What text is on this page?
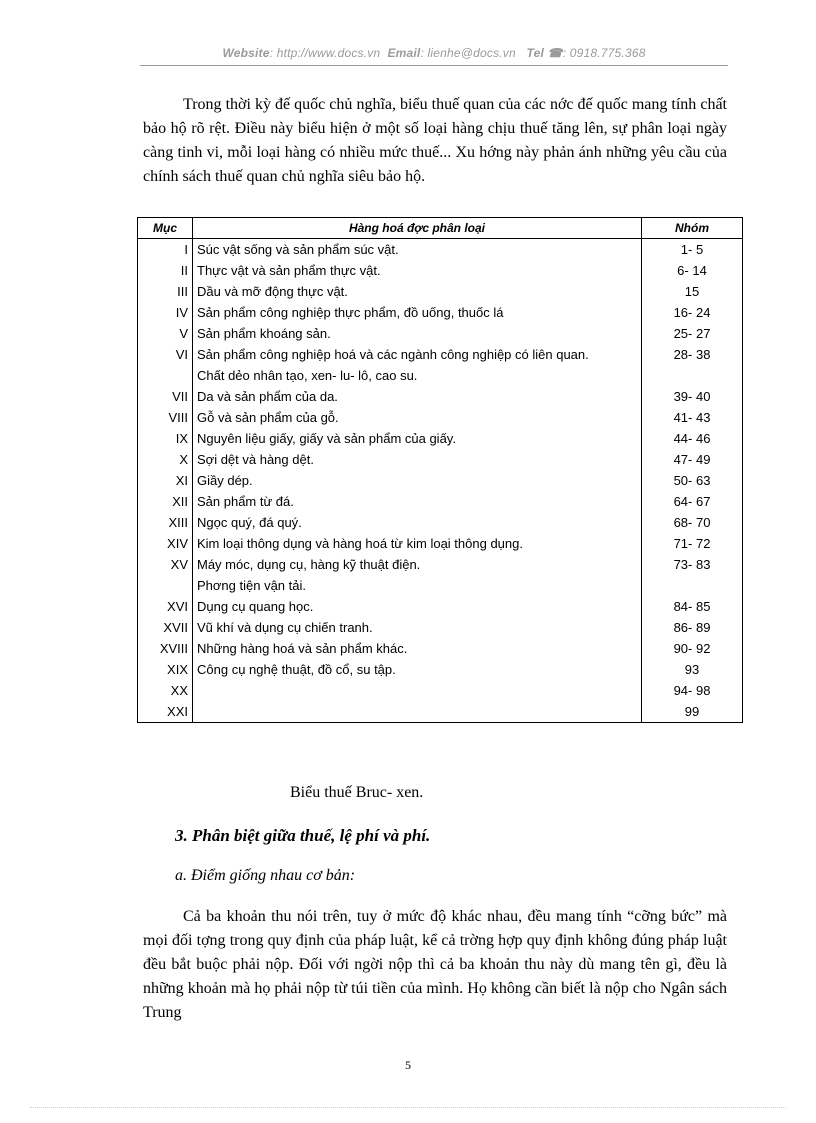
Website: http://www.docs.vn Email: lienhe@docs.vn Tel ☎: 0918.775.368
Trong thời kỳ đế quốc chủ nghĩa, biểu thuế quan của các nớc đế quốc mang tính chất bảo hộ rõ rệt. Điều này biểu hiện ở một số loại hàng chịu thuế tăng lên, sự phân loại ngày càng tinh vi, mỗi loại hàng có nhiều mức thuế... Xu hớng này phản ánh những yêu cầu của chính sách thuế quan chủ nghĩa siêu bảo hộ.
Mục	Hàng hoá đợc phân loại	Nhóm
I	Súc vật sống và sản phẩm súc vật.	1- 5
II	Thực vật và sản phẩm thực vật.	6- 14
III	Dầu và mỡ động thực vật.	15
IV	Sản phẩm công nghiệp thực phẩm, đồ uống, thuốc lá	16- 24
V	Sản phẩm khoáng sản.	25- 27
VI	Sản phẩm công nghiệp hoá và các ngành công nghiệp có liên quan.	28- 38
	Chất dẻo nhân tạo, xen- lu- lô, cao su.	
VII	Da và sản phẩm của da.	39- 40
VIII	Gỗ và sản phẩm của gỗ.	41- 43
IX	Nguyên liệu giấy, giấy và sản phẩm của giấy.	44- 46
X	Sợi dệt và hàng dệt.	47- 49
XI	Giầy dép.	50- 63
XII	Sản phẩm từ đá.	64- 67
XIII	Ngọc quý, đá quý.	68- 70
XIV	Kim loại thông dụng và hàng hoá từ kim loại thông dụng.	71- 72
XV	Máy móc, dụng cụ, hàng kỹ thuật điện.	73- 83
	Phơng tiện vận tải.	
XVI	Dụng cụ quang học.	84- 85
XVII	Vũ khí và dụng cụ chiến tranh.	86- 89
XVIII	Những hàng hoá và sản phẩm khác.	90- 92
XIX	Công cụ nghệ thuật, đồ cổ, su tập.	93
XX		94- 98
XXI		99
Biểu thuế Bruc- xen.
3. Phân biệt giữa thuế, lệ phí và phí.
a. Điểm giống nhau cơ bản:
Cả ba khoản thu nói trên, tuy ở mức độ khác nhau, đều mang tính “cỡng bức” mà mọi đối tợng trong quy định của pháp luật, kể cả trờng hợp quy định không đúng pháp luật đều bắt buộc phải nộp. Đối với ngời nộp thì cả ba khoản thu này dù mang tên gì, đều là những khoản mà họ phải nộp từ túi tiền của mình. Họ không cần biết là nộp cho Ngân sách Trung
5
